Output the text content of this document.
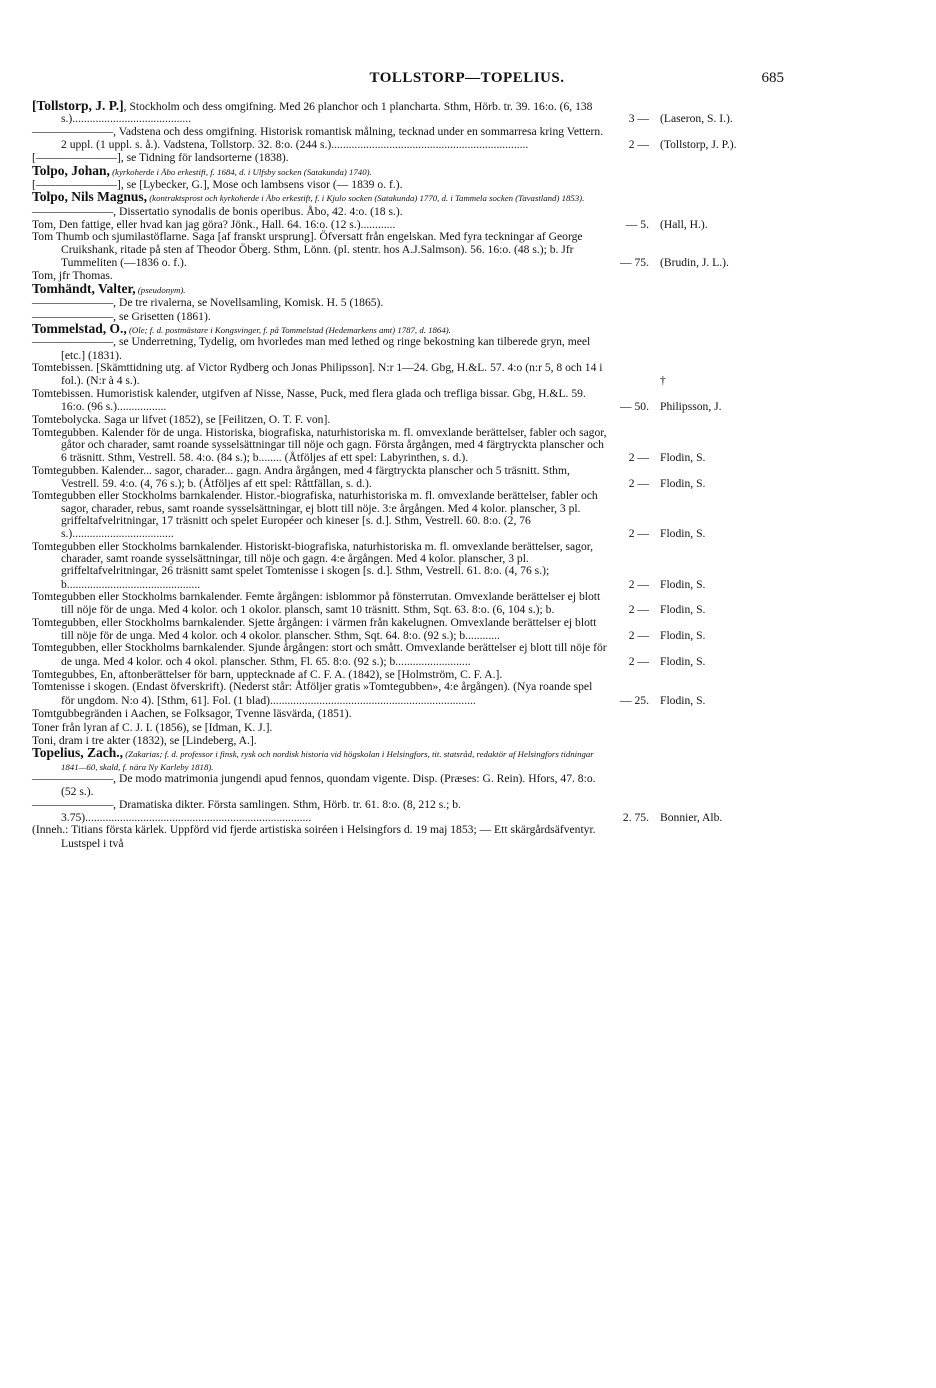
TOLLSTORP—TOPELIUS.	685
[Tollstorp, J. P.], Stockholm och dess omgifning. Med 26 planchor och 1 plancharta. Sthm, Hörb. tr. 39. 16:o. (6, 138 s.).........................................	3 — (Laseron, S. I.).
———————, Vadstena och dess omgifning. Historisk romantisk målning, tecknad under en sommarresa kring Vettern. 2 uppl. (1 uppl. s. å.). Vadstena, Tollstorp. 32. 8:o. (244 s.)....................................................................	2 — (Tollstorp, J. P.).
[———————], se Tidning för landsorterne (1838).
Tolpo, Johan, (kyrkoherde i Åbo erkestift, f. 1684, d. i Ulfsby socken (Satakunda) 1740).
[———————], se [Lybecker, G.], Mose och lambsens visor (— 1839 o. f.).
Tolpo, Nils Magnus, (kontraktsprost och kyrkoherde i Åbo erkestift, f. i Kjulo socken (Satakunda) 1770, d. i Tammela socken (Tavastland) 1853).
———————, Dissertatio synodalis de bonis operibus. Åbo, 42. 4:o. (18 s.).
Tom, Den fattige, eller hvad kan jag göra? Jönk., Hall. 64. 16:o. (12 s.)............	— 5. (Hall, H.).
Tom Thumb och sjumilastöflarne. Saga [af franskt ursprung]. Öfversatt från engelskan. Med fyra teckningar af George Cruikshank, ritade på sten af Theodor Öberg. Sthm, Lönn. (pl. stentr. hos A.J.Salmson). 56. 16:o. (48 s.); b. Jfr Tummeliten (—1836 o. f.).	— 75. (Brudin, J. L.).
Tom, jfr Thomas.
Tomhändt, Valter, (pseudonym).
———————, De tre rivalerna, se Novellsamling, Komisk. H. 5 (1865).
———————, se Grisetten (1861).
Tommelstad, O., (Ole; f. d. postmästare i Kongsvinger, f. på Tommelstad (Hedemarkens amt) 1787, d. 1864).
———————, se Underretning, Tydelig, om hvorledes man med lethed og ringe bekostning kan tilberede gryn, meel [etc.] (1831).
Tomtebissen. [Skämttidning utg. af Victor Rydberg och Jonas Philipsson]. N:r 1—24. Gbg, H.&L. 57. 4:o (n:r 5, 8 och 14 i fol.). (N:r à 4 s.).	†
Tomtebissen. Humoristisk kalender, utgifven af Nisse, Nasse, Puck, med flera glada och trefliga bissar. Gbg, H.&L. 59. 16:o. (96 s.).................	— 50. Philipsson, J.
Tomtebolycka. Saga ur lifvet (1852), se [Feilitzen, O. T. F. von].
Tomtegubben. Kalender för de unga. Historiska, biografiska, naturhistoriska m. fl. omvexlande berättelser, fabler och sagor, gåtor och charader, samt roande sysselsättningar till nöje och gagn. Första årgången, med 4 färgtryckta planscher och 6 träsnitt. Sthm, Vestrell. 58. 4:o. (84 s.); b........ (Åtföljes af ett spel: Labyrinthen, s. d.).	2 — Flodin, S.
Tomtegubben. Kalender... sagor, charader... gagn. Andra årgången, med 4 färgtryckta planscher och 5 träsnitt. Sthm, Vestrell. 59. 4:o. (4, 76 s.); b. (Åtföljes af ett spel: Råttfällan, s. d.).	2 — Flodin, S.
Tomtegubben eller Stockholms barnkalender. Histor.-biografiska, naturhistoriska m. fl. omvexlande berättelser, fabler och sagor, charader, rebus, samt roande sysselsättningar, ej blott till nöje. 3:e årgången. Med 4 kolor. planscher, 3 pl. griffeltafvelritningar, 17 träsnitt och spelet Européer och kineser [s. d.]. Sthm, Vestrell. 60. 8:o. (2, 76 s.)...................................	2 — Flodin, S.
Tomtegubben eller Stockholms barnkalender. Historiskt-biografiska, naturhistoriska m. fl. omvexlande berättelser, sagor, charader, samt roande sysselsättningar, till nöje och gagn. 4:e årgången. Med 4 kolor. planscher, 3 pl. griffeltafvelritningar, 26 träsnitt samt spelet Tomtenisse i skogen [s. d.]. Sthm, Vestrell. 61. 8:o. (4, 76 s.); b..............................................	2 — Flodin, S.
Tomtegubben eller Stockholms barnkalender. Femte årgången: isblommor på fönsterrutan. Omvexlande berättelser ej blott till nöje för de unga. Med 4 kolor. och 1 okolor. plansch, samt 10 träsnitt. Sthm, Sqt. 63. 8:o. (6, 104 s.); b.	2 — Flodin, S.
Tomtegubben, eller Stockholms barnkalender. Sjette årgången: i värmen från kakelugnen. Omvexlande berättelser ej blott till nöje för de unga. Med 4 kolor. och 4 okolor. planscher. Sthm, Sqt. 64. 8:o. (92 s.); b............	2 — Flodin, S.
Tomtegubben, eller Stockholms barnkalender. Sjunde årgången: stort och smått. Omvexlande berättelser ej blott till nöje för de unga. Med 4 kolor. och 4 okol. planscher. Sthm, Fl. 65. 8:o. (92 s.); b..........................	2 — Flodin, S.
Tomtegubbes, En, aftonberättelser för barn, upptecknade af C. F. A. (1842), se [Holmström, C. F. A.].
Tomtenisse i skogen. (Endast öfverskrift). (Nederst står: Åtföljer gratis »Tomtegubben», 4:e årgången). (Nya roande spel för ungdom. N:o 4). [Sthm, 61]. Fol. (1 blad).......................................................................	— 25. Flodin, S.
Tomtgubbegränden i Aachen, se Folksagor, Tvenne läsvärda, (1851).
Toner från lyran af C. J. I. (1856), se [Idman, K. J.].
Toni, dram i tre akter (1832), se [Lindeberg, A.].
Topelius, Zach., (Zakarias; f. d. professor i finsk, rysk och nordisk historia vid högskolan i Helsingfors, tit. statsråd, redaktör af Helsingfors tidningar 1841—60, skald, f. nära Ny Karleby 1818).
———————, De modo matrimonia jungendi apud fennos, quondam vigente. Disp. (Præses: G. Rein). Hfors, 47. 8:o. (52 s.).
———————, Dramatiska dikter. Första samlingen. Sthm, Hörb. tr. 61. 8:o. (8, 212 s.; b. 3.75)..............................................................................	2. 75. Bonnier, Alb.
(Inneh.: Titians första kärlek. Uppförd vid fjerde artistiska soiréen i Helsingfors d. 19 maj 1853; — Ett skärgårdsäfventyr. Lustspel i två
